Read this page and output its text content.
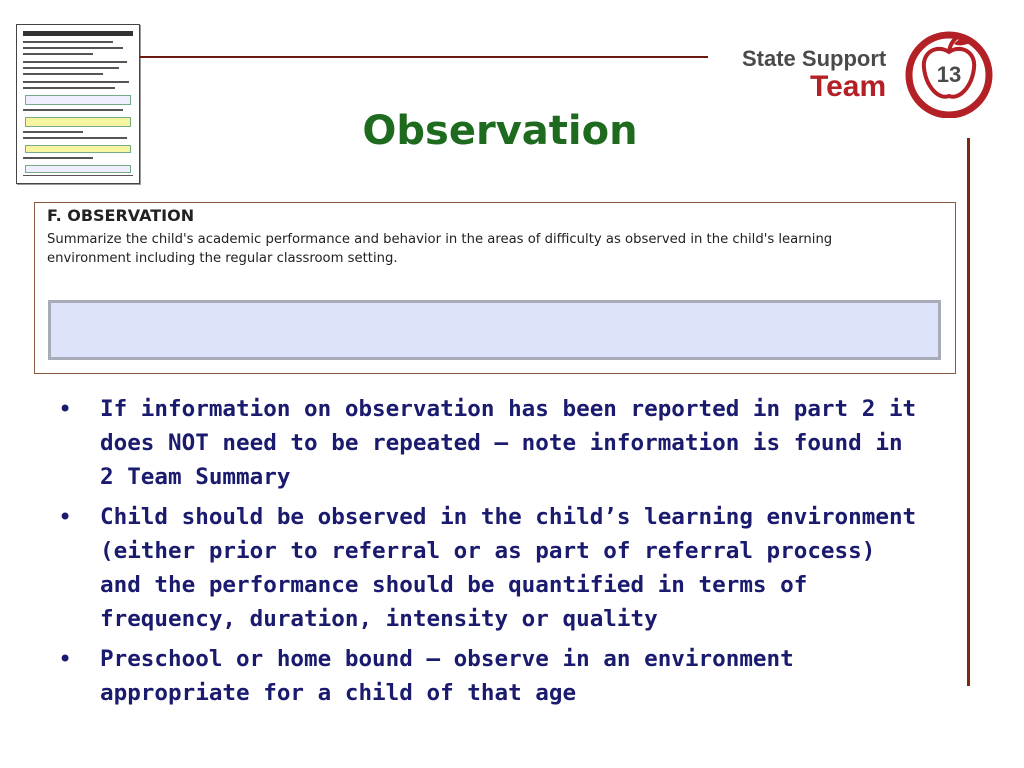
State Support
Team 13
Observation
F. OBSERVATION
Summarize the child's academic performance and behavior in the areas of difficulty as observed in the child's learning environment including the regular classroom setting.
• If information on observation has been reported in part 2 it does NOT need to be repeated – note information is found in 2 Team Summary
• Child should be observed in the child’s learning environment (either prior to referral or as part of referral process) and the performance should be quantified in terms of frequency, duration, intensity or quality
• Preschool or home bound – observe in an environment appropriate for a child of that age
